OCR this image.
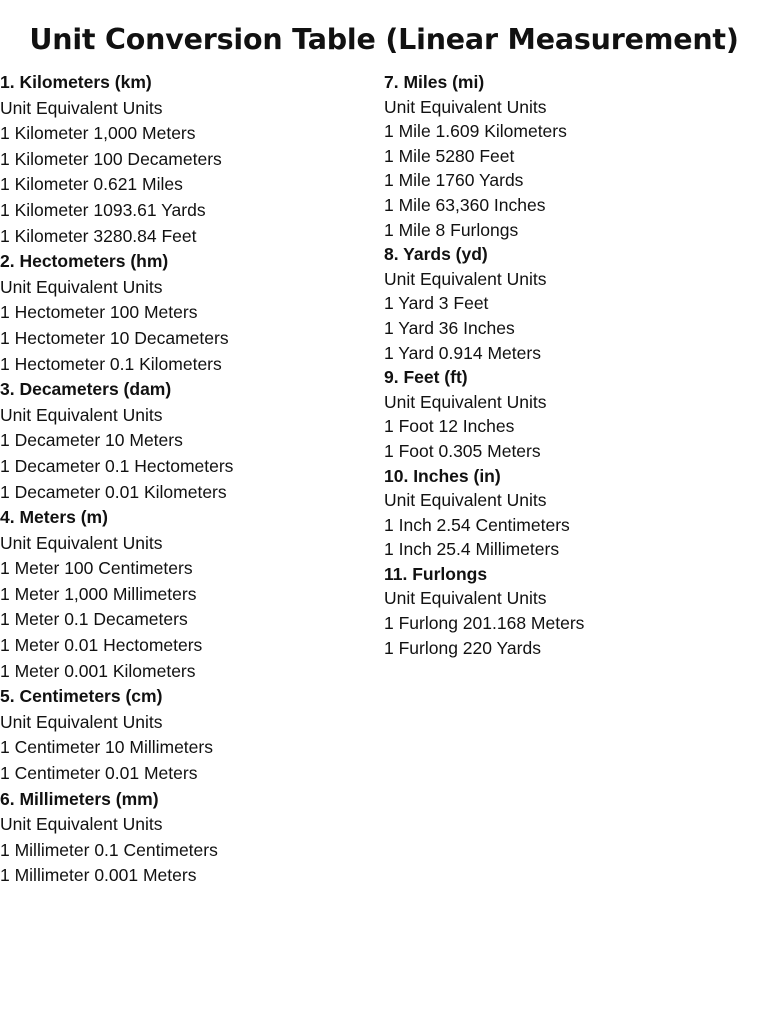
Unit Conversion Table (Linear Measurement)
1. Kilometers (km)
Unit Equivalent Units
1 Kilometer 1,000 Meters
1 Kilometer 100 Decameters
1 Kilometer 0.621 Miles
1 Kilometer 1093.61 Yards
1 Kilometer 3280.84 Feet
2. Hectometers (hm)
Unit Equivalent Units
1 Hectometer 100 Meters
1 Hectometer 10 Decameters
1 Hectometer 0.1 Kilometers
3. Decameters (dam)
Unit Equivalent Units
1 Decameter 10 Meters
1 Decameter 0.1 Hectometers
1 Decameter 0.01 Kilometers
4. Meters (m)
Unit Equivalent Units
1 Meter 100 Centimeters
1 Meter 1,000 Millimeters
1 Meter 0.1 Decameters
1 Meter 0.01 Hectometers
1 Meter 0.001 Kilometers
5. Centimeters (cm)
Unit Equivalent Units
1 Centimeter 10 Millimeters
1 Centimeter 0.01 Meters
6. Millimeters (mm)
Unit Equivalent Units
1 Millimeter 0.1 Centimeters
1 Millimeter 0.001 Meters
7. Miles (mi)
Unit Equivalent Units
1 Mile 1.609 Kilometers
1 Mile 5280 Feet
1 Mile 1760 Yards
1 Mile 63,360 Inches
1 Mile 8 Furlongs
8. Yards (yd)
Unit Equivalent Units
1 Yard 3 Feet
1 Yard 36 Inches
1 Yard 0.914 Meters
9. Feet (ft)
Unit Equivalent Units
1 Foot 12 Inches
1 Foot 0.305 Meters
10. Inches (in)
Unit Equivalent Units
1 Inch 2.54 Centimeters
1 Inch 25.4 Millimeters
11. Furlongs
Unit Equivalent Units
1 Furlong 201.168 Meters
1 Furlong 220 Yards
